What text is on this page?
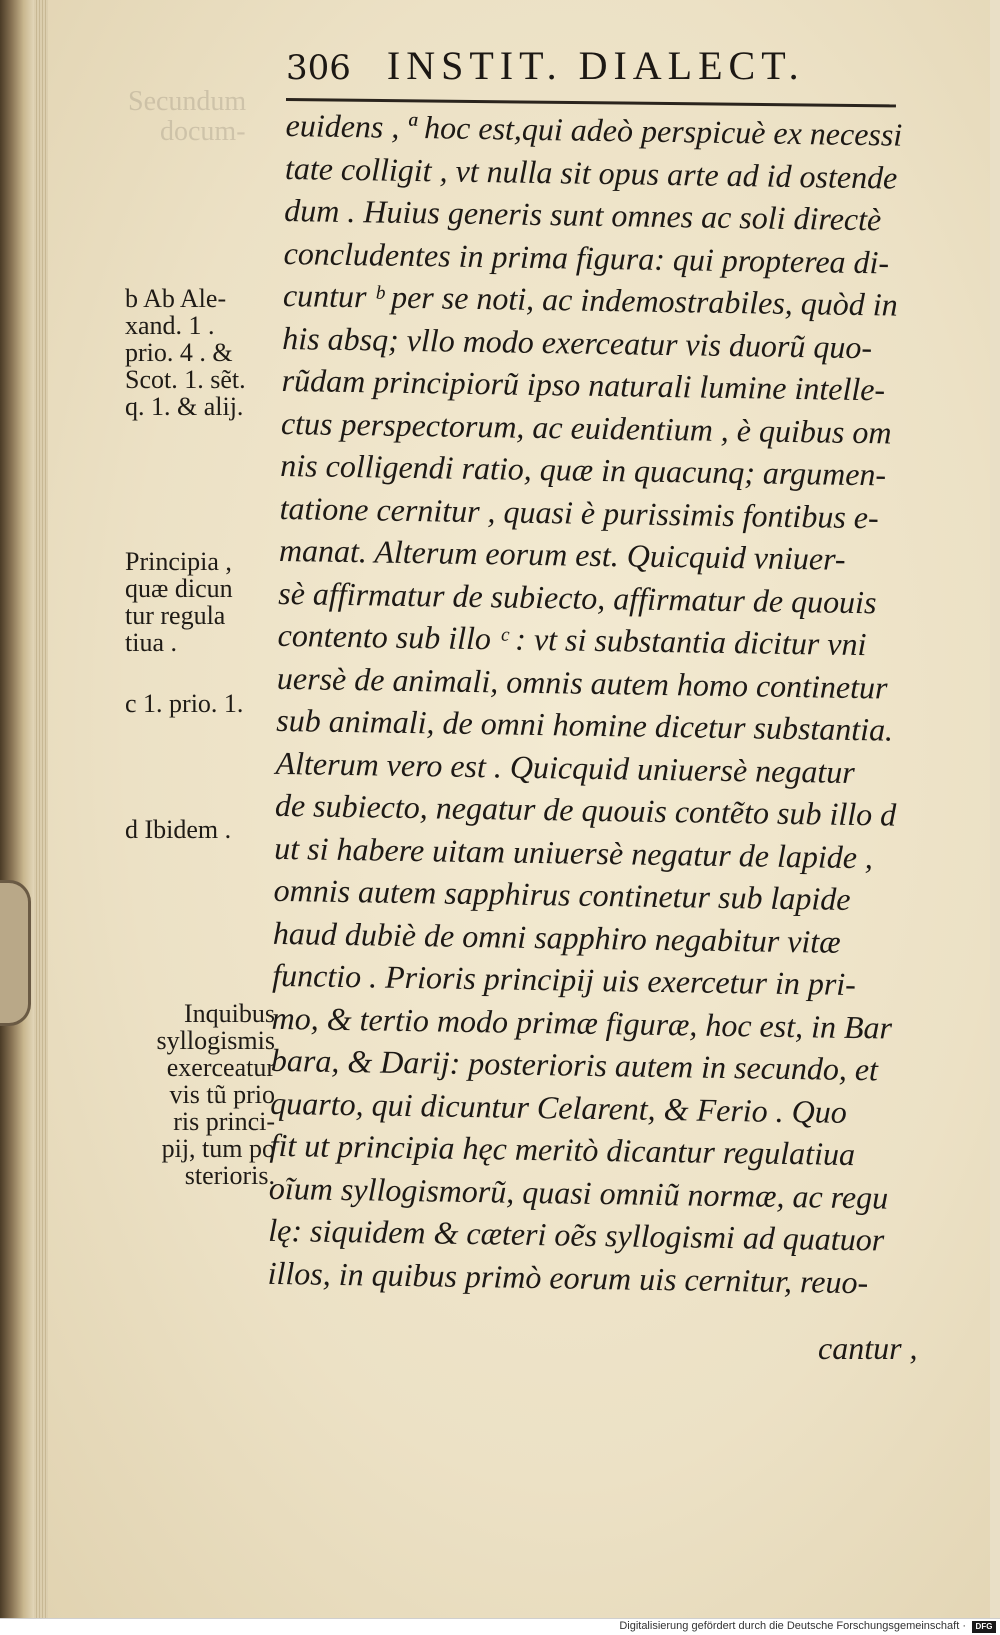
Secundum
docum-
306 INSTIT. DIALECT.
euidens , ª hoc est,qui adeò perspicuè ex necessi
tate colligit , vt nulla sit opus arte ad id ostende
dum . Huius generis sunt omnes ac soli directè
concludentes in prima figura: qui propterea di-
cuntur ᵇ per se noti, ac indemostrabiles, quòd in
his absq; vllo modo exerceatur vis duorũ quo-
rũdam principiorũ ipso naturali lumine intelle-
ctus perspectorum, ac euidentium , è quibus om
nis colligendi ratio, quæ in quacunq; argumen-
tatione cernitur , quasi è purissimis fontibus e-
manat. Alterum eorum est. Quicquid vniuer-
sè affirmatur de subiecto, affirmatur de quouis
contento sub illo ᶜ : vt si substantia dicitur vni
uersè de animali, omnis autem homo continetur
sub animali, de omni homine dicetur substantia.
Alterum vero est . Quicquid uniuersè negatur
de subiecto, negatur de quouis contẽto sub illo d
ut si habere uitam uniuersè negatur de lapide ,
omnis autem sapphirus continetur sub lapide
haud dubiè de omni sapphiro negabitur vitæ
functio . Prioris principij uis exercetur in pri-
mo, & tertio modo primæ figuræ, hoc est, in Bar
bara, & Darij: posterioris autem in secundo, et
quarto, qui dicuntur Celarent, & Ferio . Quo
fit ut principia hęc meritò dicantur regulatiua
oĩum syllogismorũ, quasi omniũ normæ, ac regu
lę: siquidem & cæteri oẽs syllogismi ad quatuor
illos, in quibus primò eorum uis cernitur, reuo-
cantur ,
b Ab Ale-
xand. 1 .
prio. 4 . &
Scot. 1. sẽt.
q. 1. & alij.
Principia ,
quæ dicun
tur regula
tiua .
c 1. prio. 1.
d Ibidem .
Inquibus
syllogismis
exerceatur
vis tũ prio
ris princi-
pij, tum po
sterioris.
Digitalisierung gefördert durch die Deutsche Forschungsgemeinschaft ·	DFG
